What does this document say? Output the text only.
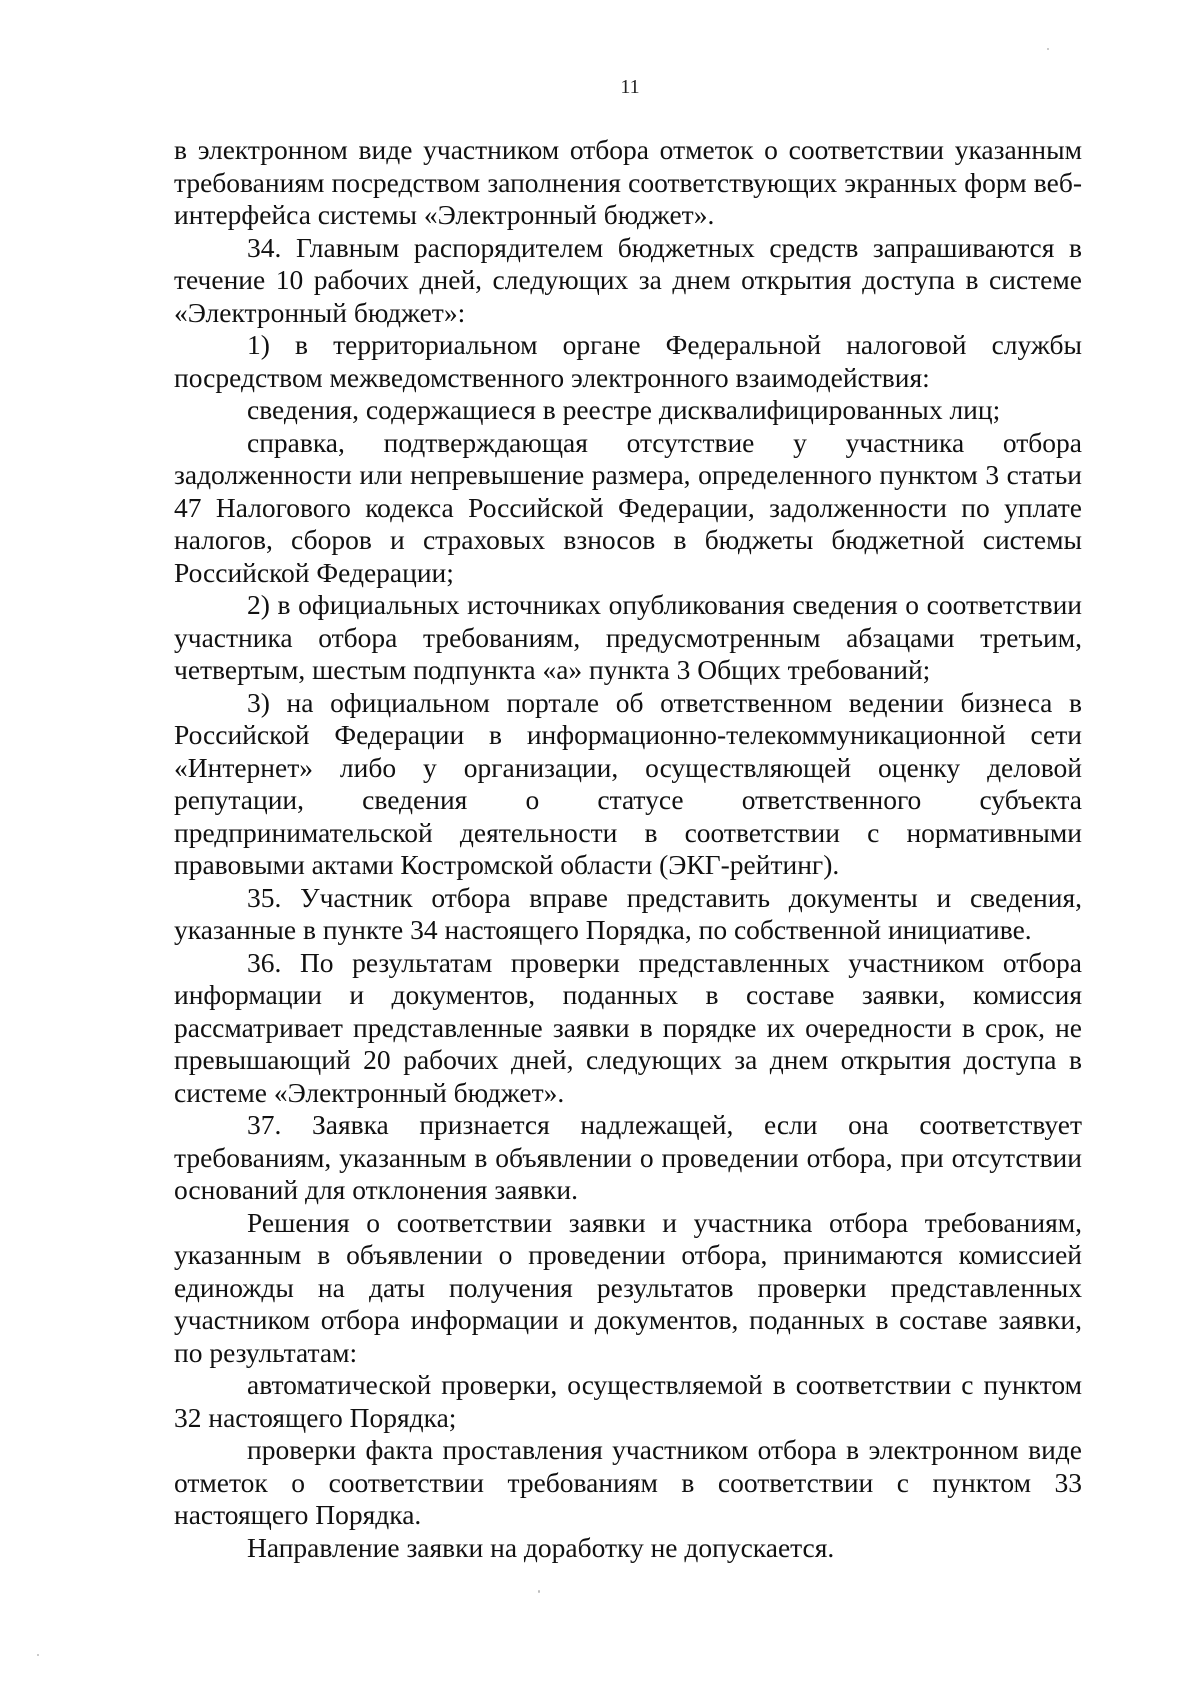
11

в электронном виде участником отбора отметок о соответствии указанным требованиям посредством заполнения соответствующих экранных форм веб-интерфейса системы «Электронный бюджет».

34. Главным распорядителем бюджетных средств запрашиваются в течение 10 рабочих дней, следующих за днем открытия доступа в системе «Электронный бюджет»:

1) в территориальном органе Федеральной налоговой службы посредством межведомственного электронного взаимодействия:

сведения, содержащиеся в реестре дисквалифицированных лиц;

справка, подтверждающая отсутствие у участника отбора задолженности или непревышение размера, определенного пунктом 3 статьи 47 Налогового кодекса Российской Федерации, задолженности по уплате налогов, сборов и страховых взносов в бюджеты бюджетной системы Российской Федерации;

2) в официальных источниках опубликования сведения о соответствии участника отбора требованиям, предусмотренным абзацами третьим, четвертым, шестым подпункта «а» пункта 3 Общих требований;

3) на официальном портале об ответственном ведении бизнеса в Российской Федерации в информационно-телекоммуникационной сети «Интернет» либо у организации, осуществляющей оценку деловой репутации, сведения о статусе ответственного субъекта предпринимательской деятельности в соответствии с нормативными правовыми актами Костромской области (ЭКГ-рейтинг).

35. Участник отбора вправе представить документы и сведения, указанные в пункте 34 настоящего Порядка, по собственной инициативе.

36. По результатам проверки представленных участником отбора информации и документов, поданных в составе заявки, комиссия рассматривает представленные заявки в порядке их очередности в срок, не превышающий 20 рабочих дней, следующих за днем открытия доступа в системе «Электронный бюджет».

37. Заявка признается надлежащей, если она соответствует требованиям, указанным в объявлении о проведении отбора, при отсутствии оснований для отклонения заявки.

Решения о соответствии заявки и участника отбора требованиям, указанным в объявлении о проведении отбора, принимаются комиссией единожды на даты получения результатов проверки представленных участником отбора информации и документов, поданных в составе заявки, по результатам:

автоматической проверки, осуществляемой в соответствии с пунктом 32 настоящего Порядка;

проверки факта проставления участником отбора в электронном виде отметок о соответствии требованиям в соответствии с пунктом 33 настоящего Порядка.

Направление заявки на доработку не допускается.
